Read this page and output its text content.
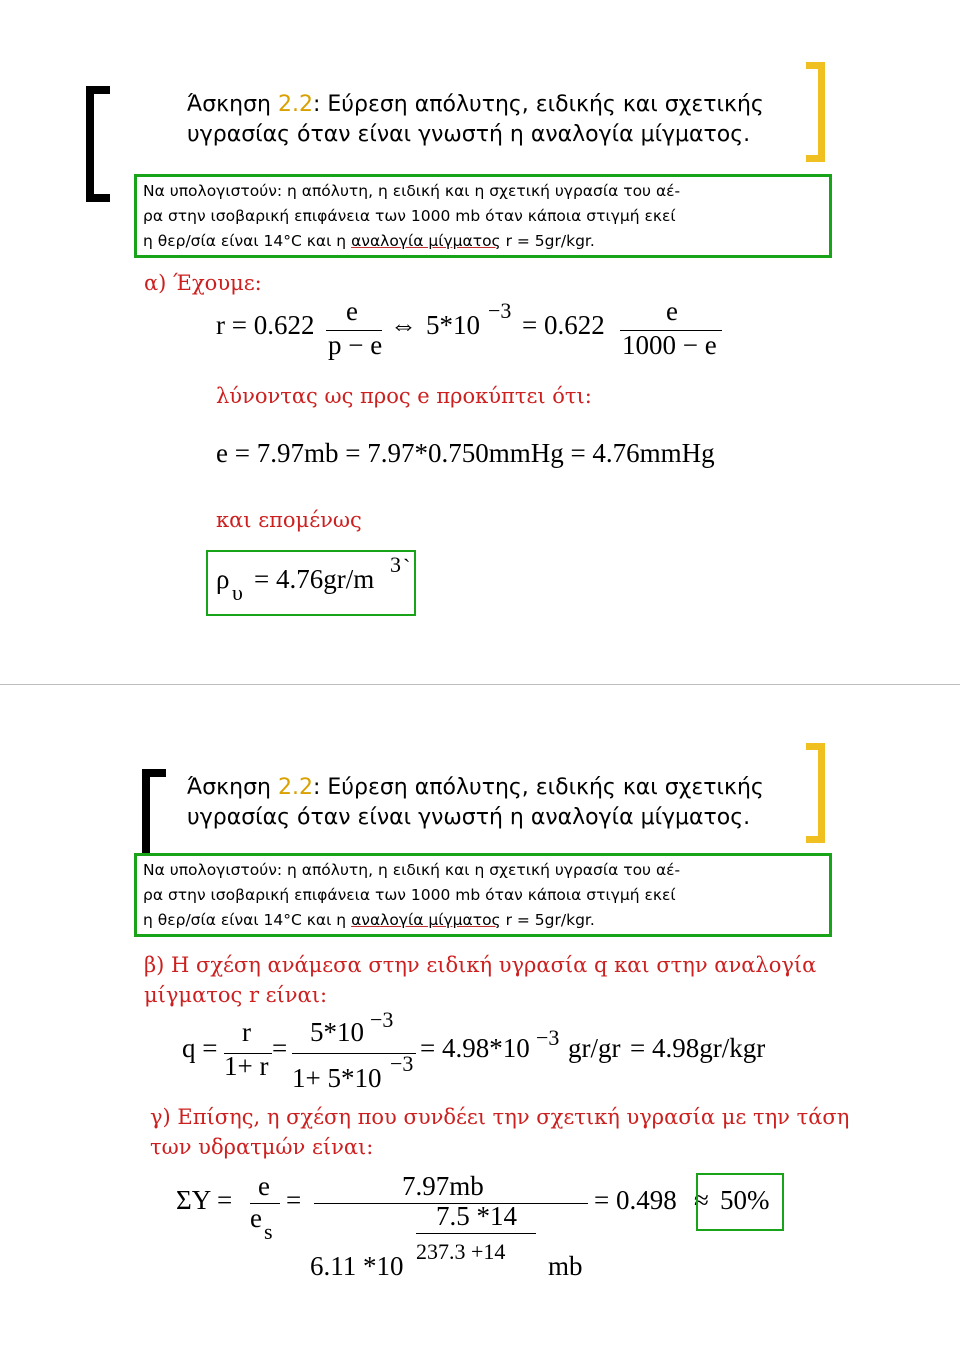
Άσκηση 2.2: Εύρεση απόλυτης, ειδικής και σχετικής
υγρασίας όταν είναι γνωστή η αναλογία μίγματος.
Να υπολογιστούν: η απόλυτη, η ειδική και η σχετική υγρασία του αέ-
ρα στην ισοβαρική επιφάνεια των 1000 mb όταν κάποια στιγμή εκεί
η θερ/σία είναι 14°C και η αναλογία μίγματος r = 5gr/kgr.
α) Έχουμε:
r = 0.622 e
p − e
⇔ 5*10 −3 = 0.622 e
1000 − e
λύνοντας ως προς e προκύπτει ότι:
e = 7.97mb = 7.97*0.750mmHg = 4.76mmHg
και επομένως
ρ υ = 4.76gr/m 3 `
Άσκηση 2.2: Εύρεση απόλυτης, ειδικής και σχετικής
υγρασίας όταν είναι γνωστή η αναλογία μίγματος.
Να υπολογιστούν: η απόλυτη, η ειδική και η σχετική υγρασία του αέ-
ρα στην ισοβαρική επιφάνεια των 1000 mb όταν κάποια στιγμή εκεί
η θερ/σία είναι 14°C και η αναλογία μίγματος r = 5gr/kgr.
β) Η σχέση ανάμεσα στην ειδική υγρασία q και στην αναλογία
μίγματος r είναι:
q =
r
1+ r
=
5*10 −3
1+ 5*10 −3
= 4.98*10 −3 gr/gr = 4.98gr/kgr
γ) Επίσης, η σχέση που συνδέει την σχετική υγρασία με την τάση
των υδρατμών είναι:
ΣΥ = e
e s
=	7.97mb
7.5 *14
6.11 *10 237.3 +14 mb
= 0.498 ≈ 50%
